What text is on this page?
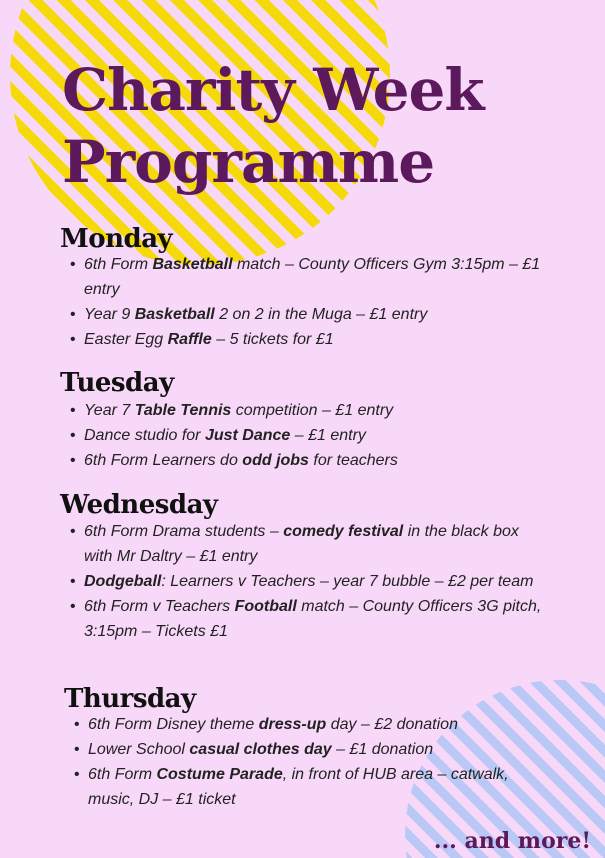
Charity Week
Programme
Monday
• 6th Form Basketball match – County Officers Gym 3:15pm – £1 entry
• Year 9 Basketball 2 on 2 in the Muga – £1 entry
• Easter Egg Raffle – 5 tickets for £1
Tuesday
• Year 7 Table Tennis competition – £1 entry
• Dance studio for Just Dance – £1 entry
• 6th Form Learners do odd jobs for teachers
Wednesday
• 6th Form Drama students – comedy festival in the black box with Mr Daltry – £1 entry
• Dodgeball: Learners v Teachers – year 7 bubble – £2 per team
• 6th Form v Teachers Football match – County Officers 3G pitch, 3:15pm – Tickets £1
Thursday
• 6th Form Disney theme dress-up day – £2 donation
• Lower School casual clothes day – £1 donation
• 6th Form Costume Parade, in front of HUB area – catwalk, music, DJ – £1 ticket

... and more!
